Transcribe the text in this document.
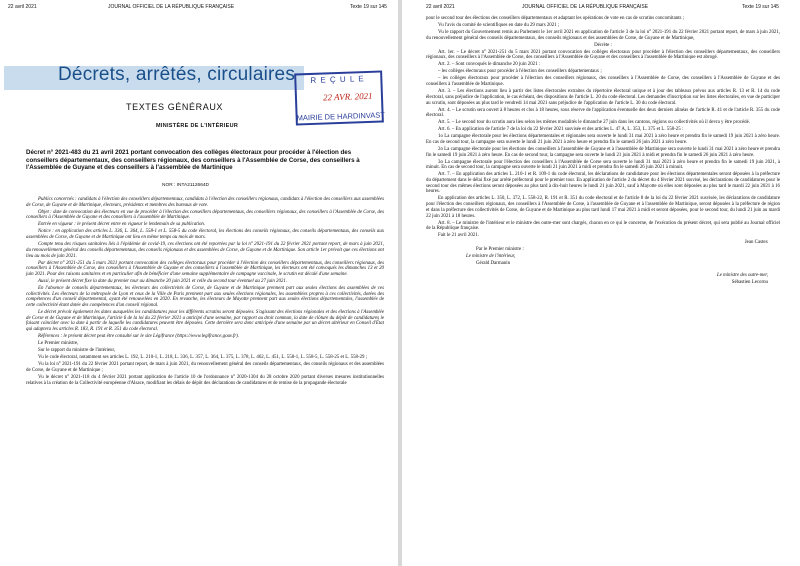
22 avril 2021	JOURNAL OFFICIEL DE LA RÉPUBLIQUE FRANÇAISE	Texte 19 sur 145
Décrets, arrêtés, circulaires R E Ç U L E
22 AVR. 2021
MAIRIE DE HARDINVAST
TEXTES GÉNÉRAUX
MINISTÈRE DE L'INTÉRIEUR
Décret n° 2021-483 du 21 avril 2021 portant convocation des collèges électoraux pour procéder à l'élection des conseillers départementaux, des conseillers régionaux, des conseillers à l'Assemblée de Corse, des conseillers à l'Assemblée de Guyane et des conseillers à l'assemblée de Martinique
NOR : INTA2112664D

Publics concernés : candidats à l'élection des conseillers départementaux, candidats à l'élection des conseillers régionaux, candidats à l'élection des conseillers aux assemblées de Corse, de Guyane et de Martinique, électeurs, présidents et membres des bureaux de vote.

Objet : date de convocation des électeurs en vue de procéder à l'élection des conseillers départementaux, des conseillers régionaux, des conseillers à l'Assemblée de Corse, des conseillers à l'Assemblée de Guyane et des conseillers à l'assemblée de Martinique.

Entrée en vigueur : le présent décret entre en vigueur le lendemain de sa publication.

Notice : en application des articles L. 336, L. 364, L. 558-1 et L. 558-5 du code électoral, les élections des conseils régionaux, des conseils départementaux, des conseils aux assemblées de Corse, de Guyane et de Martinique ont lieu en même temps au mois de mars.

Compte tenu des risques sanitaires liés à l'épidémie de covid-19, ces élections ont été reportées par la loi n° 2021-191 du 22 février 2021 portant report, de mars à juin 2021, du renouvellement général des conseils départementaux, des conseils régionaux et des assemblées de Corse, de Guyane et de Martinique. Son article 1er prévoit que ces élections ont lieu au mois de juin 2021.

Par décret n° 2021-251 du 5 mars 2021 portant convocation des collèges électoraux pour procéder à l'élection des conseillers départementaux, des conseillers régionaux, des conseillers à l'Assemblée de Corse, des conseillers à l'Assemblée de Guyane et des conseillers à l'assemblée de Martinique, les électeurs ont été convoqués les dimanches 13 et 20 juin 2021. Pour des raisons sanitaires et en particulier afin de bénéficier d'une semaine supplémentaire de campagne vaccinale, le scrutin est décalé d'une semaine.

Aussi, le présent décret fixe la date du premier tour au dimanche 20 juin 2021 et celle du second tour éventuel au 27 juin 2021.

En l'absence de conseils départementaux, les électeurs des collectivités de Corse, de Guyane et de Martinique prennent part aux seules élections des assemblées de ces collectivités. Les électeurs de la métropole de Lyon et ceux de la Ville de Paris prennent part aux seules élections régionales, les assemblées propres à ces collectivités, dotées des compétences d'un conseil départemental, ayant été renouvelées en 2020. En revanche, les électeurs de Mayotte prennent part aux seules élections départementales, l'assemblée de cette collectivité étant dotée des compétences d'un conseil régional.

Le décret prévoit également les dates auxquelles les candidatures pour les différents scrutins seront déposées. S'agissant des élections régionales et des élections à l'Assemblée de Corse et de Guyane et de Martinique, l'article 6 de la loi du 22 février 2021 a anticipé d'une semaine, par rapport au droit commun, la date de clôture du dépôt de candidatures le faisant coïncider avec la date à partir de laquelle les candidatures peuvent être déposées. Cette dernière sera donc anticipée d'une semaine par un décret ultérieur en Conseil d'État qui adaptera les articles R. 183, R. 191 et R. 351 du code électoral.

Références : le présent décret peut être consulté sur le site Légifrance (https://www.legifrance.gouv.fr).

Le Premier ministre,

Sur le rapport du ministre de l'intérieur,

Vu le code électoral, notamment ses articles L. 192, L. 210-1, L. 218, L. 336, L. 357, L. 364, L. 375, L. 378, L. 462, L. 451, L. 558-1, L. 558-5, L. 558-25 et L. 558-29 ;

Vu la loi n° 2021-191 du 22 février 2021 portant report, de mars à juin 2021, du renouvellement général des conseils départementaux, des conseils régionaux et des assemblées de Corse, de Guyane et de Martinique ;

Vu le décret n° 2021-118 du 4 février 2021 portant application de l'article 10 de l'ordonnance n° 2020-1304 du 28 octobre 2020 portant diverses mesures institutionnelles relatives à la création de la Collectivité européenne d'Alsace, modifiant les délais de dépôt des déclarations de candidatures et de remise de la propagande électorale

22 avril 2021	JOURNAL OFFICIEL DE LA RÉPUBLIQUE FRANÇAISE	Texte 19 sur 145

pour le second tour des élections des conseillers départementaux et adaptant les opérations de vote en cas de scrutins concomitants ;

Vu l'avis du comité de scientifiques en date du 29 mars 2021 ;

Vu le rapport du Gouvernement remis au Parlement le 1er avril 2021 en application de l'article 3 de la loi n° 2021-191 du 22 février 2021 portant report, de mars à juin 2021, du renouvellement général des conseils départementaux, des conseils régionaux et des assemblées de Corse, de Guyane et de Martinique,

Décrète :

Art. 1er. – Le décret n° 2021-251 du 5 mars 2021 portant convocation des collèges électoraux pour procéder à l'élection des conseillers départementaux, des conseillers régionaux, des conseillers à l'Assemblée de Corse, des conseillers à l'Assemblée de Guyane et des conseillers à l'assemblée de Martinique est abrogé.

Art. 2. – Sont convoqués le dimanche 20 juin 2021 :

– les collèges électoraux pour procéder à l'élection des conseillers départementaux ;

– les collèges électoraux pour procéder à l'élection des conseillers régionaux, des conseillers à l'Assemblée de Corse, des conseillers à l'Assemblée de Guyane et des conseillers à l'assemblée de Martinique.

Art. 3. – Les élections auront lieu à partir des listes électorales extraites du répertoire électoral unique et à jour des tableaux prévus aux articles R. 13 et R. 14 du code électoral, sans préjudice de l'application, le cas échéant, des dispositions de l'article L. 20 du code électoral. Les demandes d'inscription sur les listes électorales, en vue de participer au scrutin, sont déposées au plus tard le vendredi 14 mai 2021 sans préjudice de l'application de l'article L. 30 du code électoral.

Art. 4. – Le scrutin sera ouvert à 8 heures et clos à 18 heures, sous réserve de l'application éventuelle des deux derniers alinéas de l'article R. 41 et de l'article R. 355 du code électoral.

Art. 5. – Le second tour du scrutin aura lieu selon les mêmes modalités le dimanche 27 juin dans les cantons, régions ou collectivités où il devra y être procédé.

Art. 6. – En application de l'article 7 de la loi du 22 février 2021 susvisée et des articles L. 47 A, L. 353, L. 375 et L. 558-25 :

1o La campagne électorale pour les élections départementales et régionales sera ouverte le lundi 31 mai 2021 à zéro heure et prendra fin le samedi 19 juin 2021 à zéro heure. En cas de second tour, la campagne sera ouverte le lundi 21 juin 2021 à zéro heure et prendra fin le samedi 26 juin 2021 à zéro heure.

2o La campagne électorale pour les élections des conseillers à l'assemblée de Guyane et à l'assemblée de Martinique sera ouverte le lundi 31 mai 2021 à zéro heure et prendra fin le samedi 19 juin 2021 à zéro heure. En cas de second tour, la campagne sera ouverte le lundi 21 juin 2021 à midi et prendra fin le samedi 26 juin 2021 à zéro heure.

3o La campagne électorale pour l'élection des conseillers à l'Assemblée de Corse sera ouverte le lundi 31 mai 2021 à zéro heure et prendra fin le samedi 19 juin 2021, à minuit. En cas de second tour, la campagne sera ouverte le lundi 21 juin 2021 à midi et prendra fin le samedi 26 juin 2021 à minuit.

Art. 7. – En application des articles L. 210-1 et R. 109-1 du code électoral, les déclarations de candidature pour les élections départementales seront déposées à la préfecture du département dans le délai fixé par arrêté préfectoral pour le premier tour. En application de l'article 2 du décret du 4 février 2021 susvisé, les déclarations de candidatures pour le second tour des mêmes élections seront déposées au plus tard à dix-huit heures le lundi 21 juin 2021, sauf à Mayotte où elles sont déposées au plus tard le mardi 22 juin 2021 à 16 heures.

En application des articles L. 350, L. 372, L. 558-22, R. 191 et R. 351 du code électoral et de l'article 8 de la loi du 22 février 2021 susvisée, les déclarations de candidature pour l'élection des conseillers régionaux, des conseillers à l'Assemblée de Corse, à l'assemblée de Guyane et à l'assemblée de Martinique, seront déposées à la préfecture de région et dans la préfecture des collectivités de Corse, de Guyane et de Martinique au plus tard lundi 17 mai 2021 à midi et seront déposées, pour le second tour, du lundi 21 juin au mardi 22 juin 2021 à 18 heures.

Art. 8. – Le ministre de l'intérieur et le ministre des outre-mer sont chargés, chacun en ce qui le concerne, de l'exécution du présent décret, qui sera publié au Journal officiel de la République française.

Fait le 21 avril 2021.

Jean Castex

Par le Premier ministre :

Le ministre de l'intérieur,

Gérald Darmanin

Le ministre des outre-mer,

Sébastien Lecornu
